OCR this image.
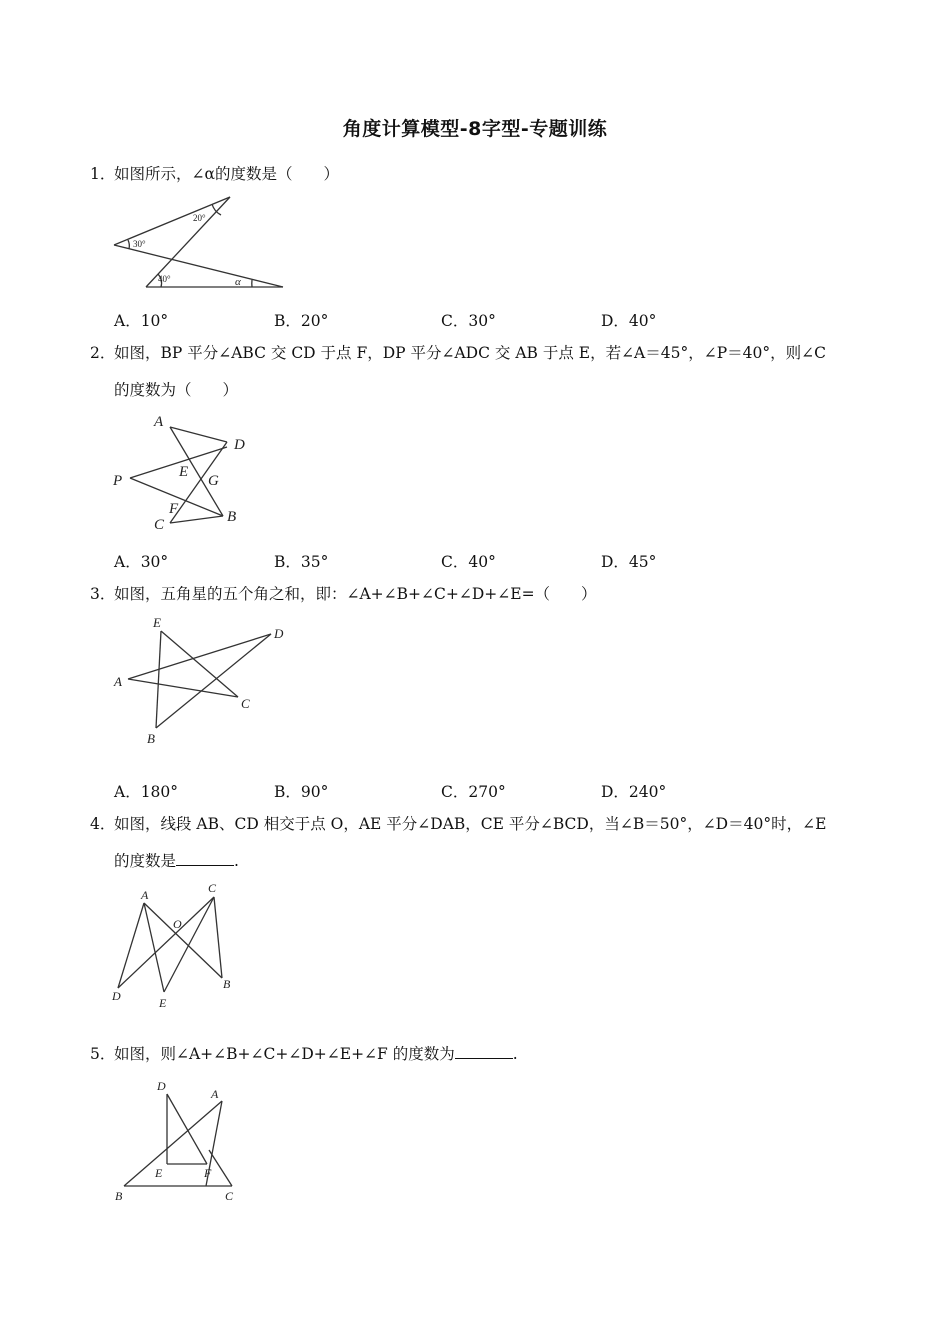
角度计算模型-8字型-专题训练
1．如图所示，∠α的度数是（　　）
30°
20°
40°	α
A．10°	B．20°	C．30°	D．40°
2．如图，BP 平分∠ABC 交 CD 于点 F，DP 平分∠ADC 交 AB 于点 E，若∠A＝45°，∠P＝40°，则∠C
的度数为（　　）
A
D
P
E
G
F
C	B
A．30°	B．35°	C．40°	D．45°
3．如图，五角星的五个角之和，即：∠A+∠B+∠C+∠D+∠E=（　　）
E
D
A
C
B
A．180°	B．90°	C．270°	D．240°
4．如图，线段 AB、CD 相交于点 O，AE 平分∠DAB，CE 平分∠BCD，当∠B＝50°，∠D＝40°时，∠E
的度数是	.
A	C
O
D	E
B
5．如图，则∠A+∠B+∠C+∠D+∠E+∠F 的度数为	.
D
A
E	F
B	C
